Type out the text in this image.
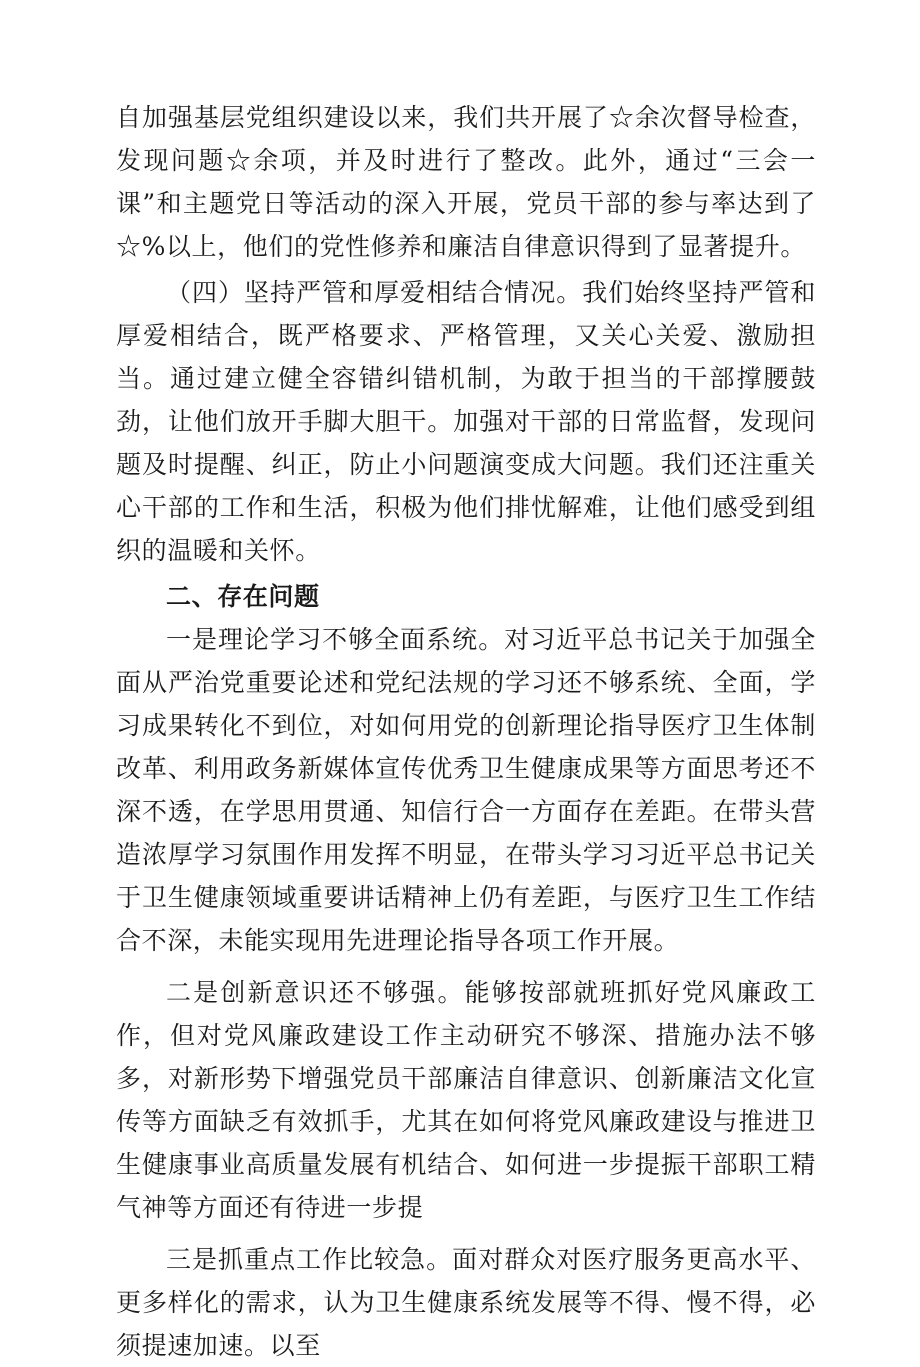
自加强基层党组织建设以来，我们共开展了☆余次督导检查，发现问题☆余项，并及时进行了整改。此外，通过“三会一课”和主题党日等活动的深入开展，党员干部的参与率达到了☆%以上，他们的党性修养和廉洁自律意识得到了显著提升。

（四）坚持严管和厚爱相结合情况。我们始终坚持严管和厚爱相结合，既严格要求、严格管理，又关心关爱、激励担当。通过建立健全容错纠错机制，为敢于担当的干部撑腰鼓劲，让他们放开手脚大胆干。加强对干部的日常监督，发现问题及时提醒、纠正，防止小问题演变成大问题。我们还注重关心干部的工作和生活，积极为他们排忧解难，让他们感受到组织的温暖和关怀。

二、存在问题

一是理论学习不够全面系统。对习近平总书记关于加强全面从严治党重要论述和党纪法规的学习还不够系统、全面，学习成果转化不到位，对如何用党的创新理论指导医疗卫生体制改革、利用政务新媒体宣传优秀卫生健康成果等方面思考还不深不透，在学思用贯通、知信行合一方面存在差距。在带头营造浓厚学习氛围作用发挥不明显，在带头学习习近平总书记关于卫生健康领域重要讲话精神上仍有差距，与医疗卫生工作结合不深，未能实现用先进理论指导各项工作开展。

二是创新意识还不够强。能够按部就班抓好党风廉政工作，但对党风廉政建设工作主动研究不够深、措施办法不够多，对新形势下增强党员干部廉洁自律意识、创新廉洁文化宣传等方面缺乏有效抓手，尤其在如何将党风廉政建设与推进卫生健康事业高质量发展有机结合、如何进一步提振干部职工精气神等方面还有待进一步提

三是抓重点工作比较急。面对群众对医疗服务更高水平、更多样化的需求，认为卫生健康系统发展等不得、慢不得，必须提速加速。以至
